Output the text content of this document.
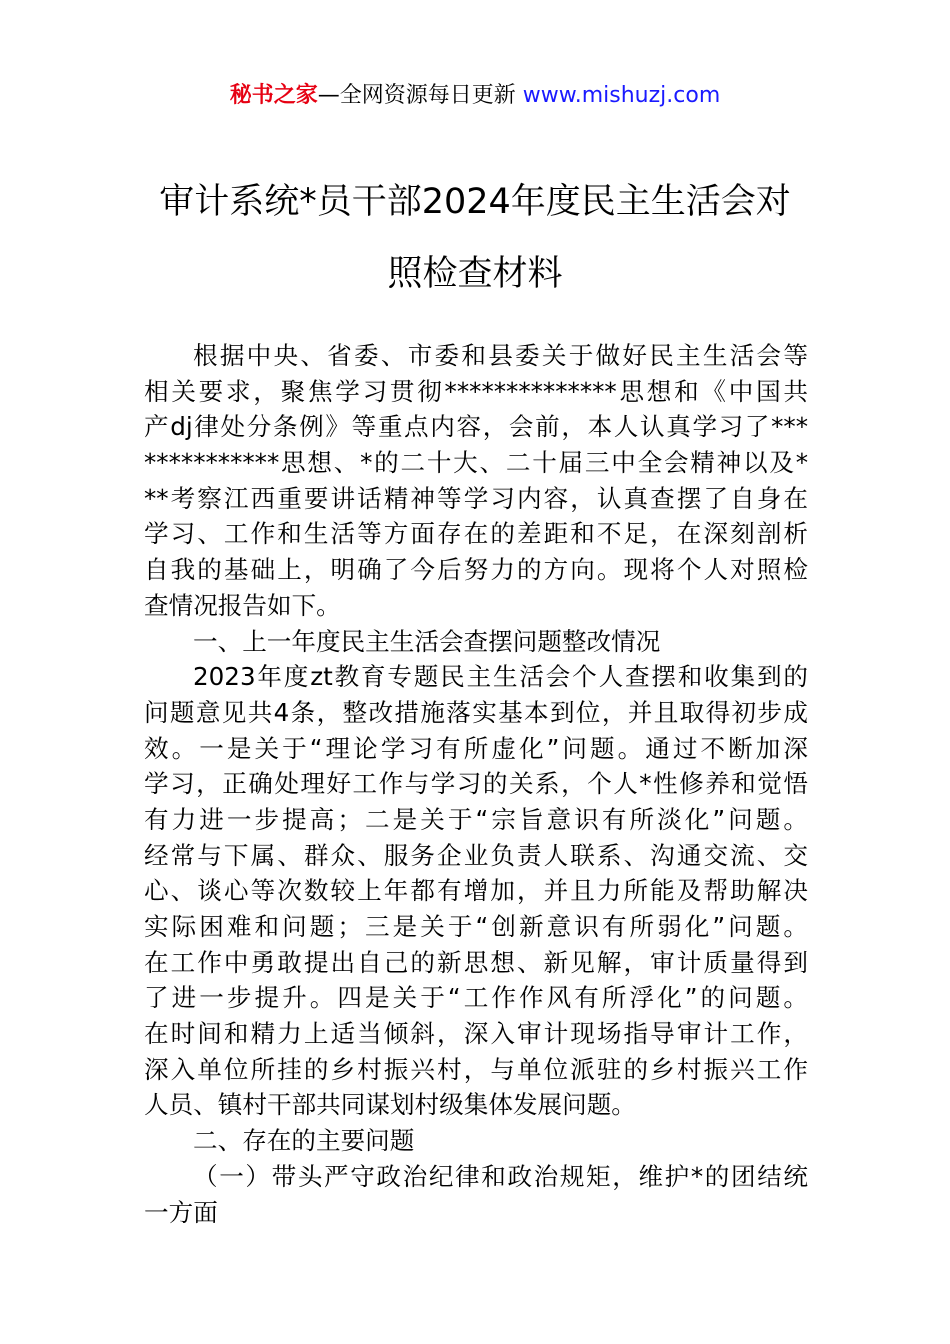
秘书之家—全网资源每日更新 www.mishuzj.com
审计系统*员干部2024年度民主生活会对
照检查材料
根据中央、省委、市委和县委关于做好民主生活会等
相关要求，聚焦学习贯彻**************思想和《中国共
产dj律处分条例》等重点内容，会前，本人认真学习了***
***********思想、*的二十大、二十届三中全会精神以及*
**考察江西重要讲话精神等学习内容，认真查摆了自身在
学习、工作和生活等方面存在的差距和不足，在深刻剖析
自我的基础上，明确了今后努力的方向。现将个人对照检
查情况报告如下。
一、上一年度民主生活会查摆问题整改情况
2023年度zt教育专题民主生活会个人查摆和收集到的
问题意见共4条，整改措施落实基本到位，并且取得初步成
效。一是关于“理论学习有所虚化”问题。通过不断加深
学习，正确处理好工作与学习的关系，个人*性修养和觉悟
有力进一步提高；二是关于“宗旨意识有所淡化”问题。
经常与下属、群众、服务企业负责人联系、沟通交流、交
心、谈心等次数较上年都有增加，并且力所能及帮助解决
实际困难和问题；三是关于“创新意识有所弱化”问题。
在工作中勇敢提出自己的新思想、新见解，审计质量得到
了进一步提升。四是关于“工作作风有所浮化”的问题。
在时间和精力上适当倾斜，深入审计现场指导审计工作，
深入单位所挂的乡村振兴村，与单位派驻的乡村振兴工作
人员、镇村干部共同谋划村级集体发展问题。
二、存在的主要问题
（一）带头严守政治纪律和政治规矩，维护*的团结统
一方面
